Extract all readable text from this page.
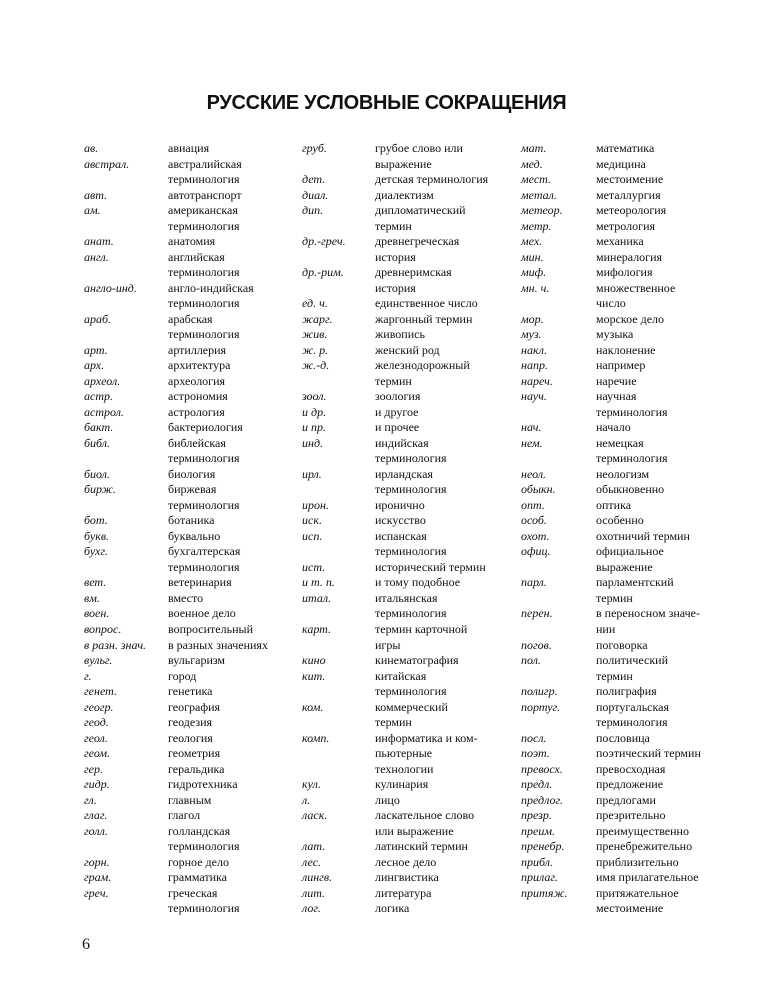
РУССКИЕ УСЛОВНЫЕ СОКРАЩЕНИЯ
ав.	авиация
австрал.	австралийская
терминология
авт.	автотранспорт
ам.	американская
терминология
анат.	анатомия
англ.	английская
терминология
англо-инд.	англо-индийская
терминология
араб.	арабская
терминология
арт.	артиллерия
арх.	архитектура
археол.	археология
астр.	астрономия
астрол.	астрология
бакт.	бактериология
библ.	библейская
терминология
биол.	биология
бирж.	биржевая
терминология
бот.	ботаника
букв.	буквально
бухг.	бухгалтерская
терминология
вет.	ветеринария
вм.	вместо
воен.	военное дело
вопрос.	вопросительный
в разн. знач.	в разных значениях
вульг.	вульгаризм
г.	город
генет.	генетика
геогр.	география
геод.	геодезия
геол.	геология
геом.	геометрия
гер.	геральдика
гидр.	гидротехника
гл.	главным
глаг.	глагол
голл.	голландская
терминология
горн.	горное дело
грам.	грамматика
греч.	греческая
терминология
груб.	грубое слово или
выражение
дет.	детская терминология
диал.	диалектизм
дип.	дипломатический
термин
др.-греч.	древнегреческая
история
др.-рим.	древнеримская
история
ед. ч.	единственное число
жарг.	жаргонный термин
жив.	живопись
ж. р.	женский род
ж.-д.	железнодорожный
термин
зоол.	зоология
и др.	и другое
и пр.	и прочее
инд.	индийская
терминология
ирл.	ирландская
терминология
ирон.	иронично
иск.	искусство
исп.	испанская
терминология
ист.	исторический термин
и т. п.	и тому подобное
итал.	итальянская
терминология
карт.	термин карточной
игры
кино	кинематография
кит.	китайская
терминология
ком.	коммерческий
термин
комп.	информатика и ком-
пьютерные
технологии
кул.	кулинария
л.	лицо
ласк.	ласкательное слово
или выражение
лат.	латинский термин
лес.	лесное дело
лингв.	лингвистика
лит.	литература
лог.	логика
мат.	математика
мед.	медицина
мест.	местоимение
метал.	металлургия
метеор.	метеорология
метр.	метрология
мех.	механика
мин.	минералогия
миф.	мифология
мн. ч.	множественное
число
мор.	морское дело
муз.	музыка
накл.	наклонение
напр.	например
нареч.	наречие
науч.	научная
терминология
нач.	начало
нем.	немецкая
терминология
неол.	неологизм
обыкн.	обыкновенно
опт.	оптика
особ.	особенно
охот.	охотничий термин
офиц.	официальное
выражение
парл.	парламентский
термин
перен.	в переносном значе-
нии
погов.	поговорка
пол.	политический
термин
полигр.	полиграфия
португ.	португальская
терминология
посл.	пословица
поэт.	поэтический термин
превосх.	превосходная
предл.	предложение
предлог.	предлогами
презр.	презрительно
преим.	преимущественно
пренебр.	пренебрежительно
прибл.	приблизительно
прилаг.	имя прилагательное
притяж.	притяжательное
местоимение
6
